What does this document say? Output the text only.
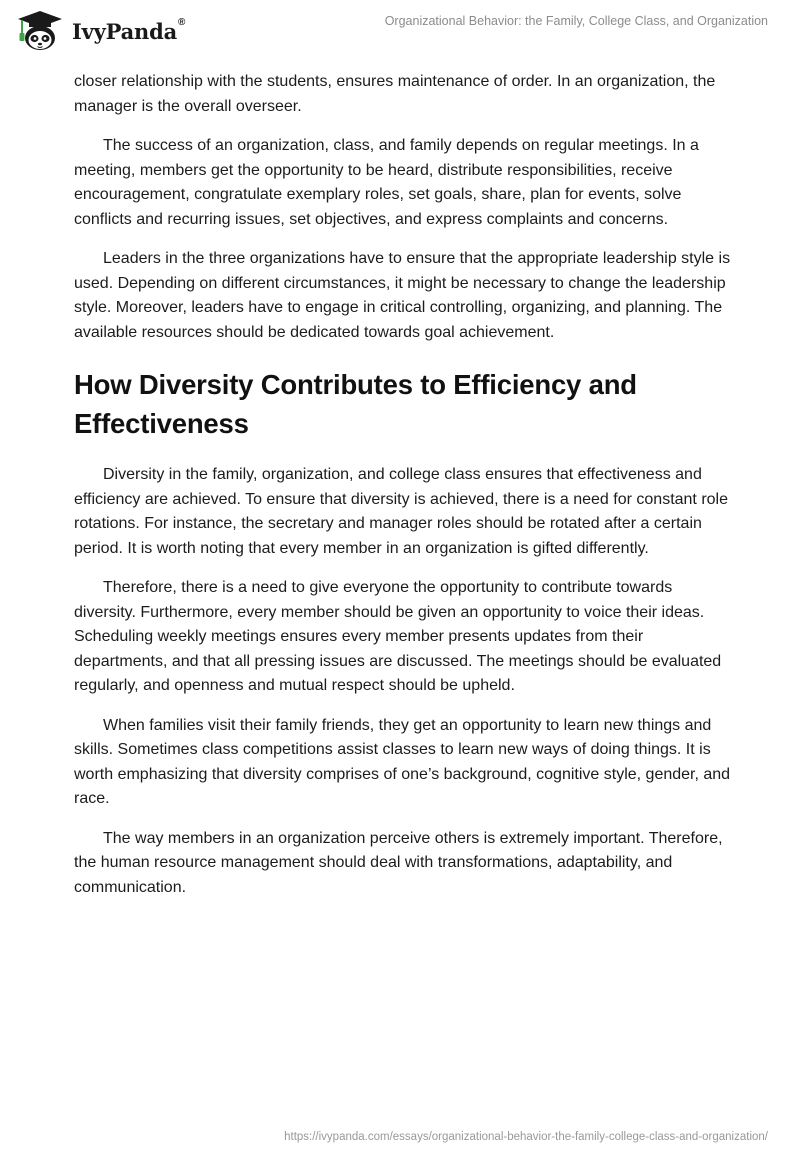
IvyPanda®	Organizational Behavior: the Family, College Class, and Organization

closer relationship with the students, ensures maintenance of order. In an organization, the manager is the overall overseer.

The success of an organization, class, and family depends on regular meetings. In a meeting, members get the opportunity to be heard, distribute responsibilities, receive encouragement, congratulate exemplary roles, set goals, share, plan for events, solve conflicts and recurring issues, set objectives, and express complaints and concerns.

Leaders in the three organizations have to ensure that the appropriate leadership style is used. Depending on different circumstances, it might be necessary to change the leadership style. Moreover, leaders have to engage in critical controlling, organizing, and planning. The available resources should be dedicated towards goal achievement.

How Diversity Contributes to Efficiency and Effectiveness

Diversity in the family, organization, and college class ensures that effectiveness and efficiency are achieved. To ensure that diversity is achieved, there is a need for constant role rotations. For instance, the secretary and manager roles should be rotated after a certain period. It is worth noting that every member in an organization is gifted differently.

Therefore, there is a need to give everyone the opportunity to contribute towards diversity. Furthermore, every member should be given an opportunity to voice their ideas. Scheduling weekly meetings ensures every member presents updates from their departments, and that all pressing issues are discussed. The meetings should be evaluated regularly, and openness and mutual respect should be upheld.

When families visit their family friends, they get an opportunity to learn new things and skills. Sometimes class competitions assist classes to learn new ways of doing things. It is worth emphasizing that diversity comprises of one’s background, cognitive style, gender, and race.

The way members in an organization perceive others is extremely important. Therefore, the human resource management should deal with transformations, adaptability, and communication.

https://ivypanda.com/essays/organizational-behavior-the-family-college-class-and-organization/
